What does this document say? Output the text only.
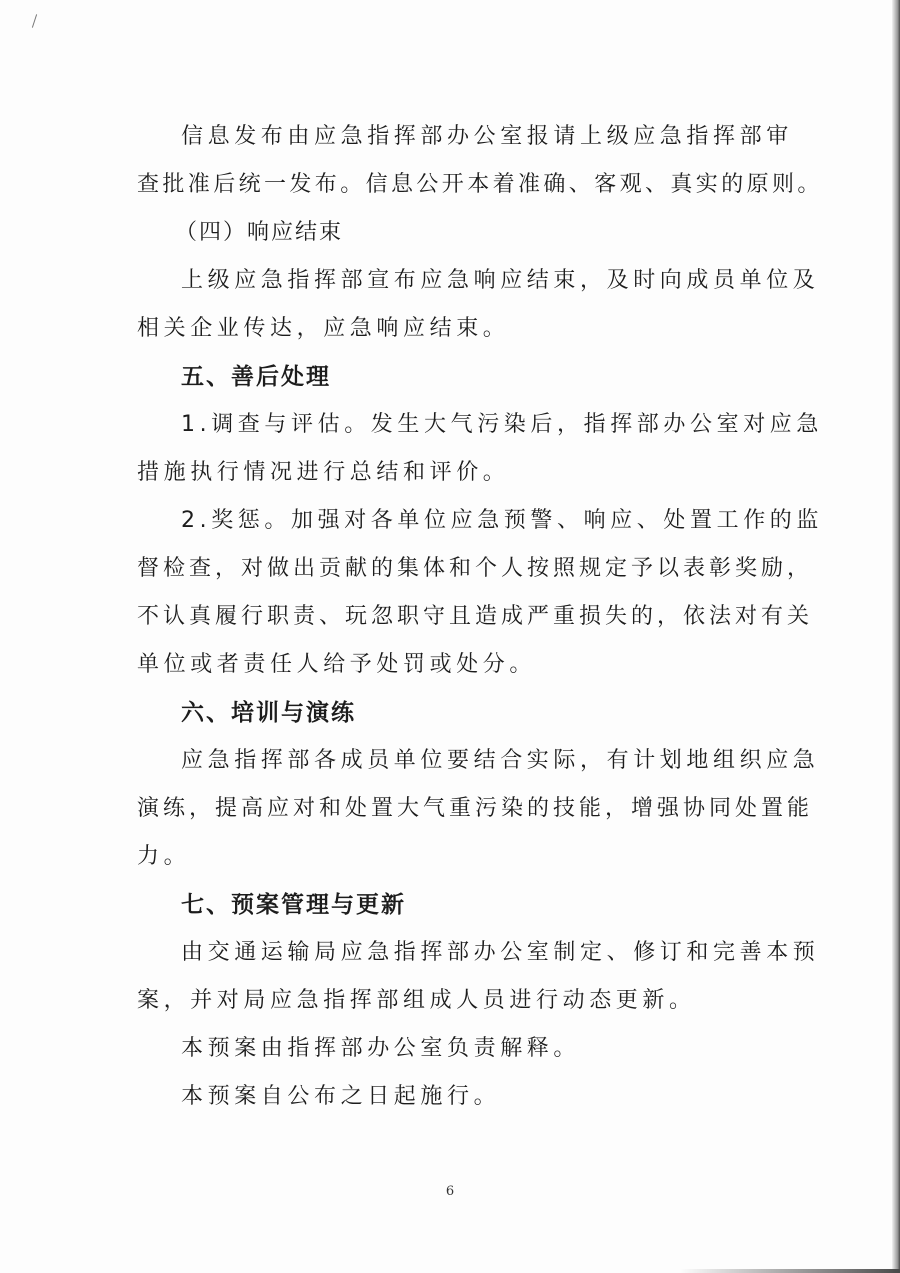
信息发布由应急指挥部办公室报请上级应急指挥部审
查批准后统一发布。信息公开本着准确、客观、真实的原则。
（四）响应结束
上级应急指挥部宣布应急响应结束，及时向成员单位及
相关企业传达，应急响应结束。
五、善后处理
1.调查与评估。发生大气污染后，指挥部办公室对应急
措施执行情况进行总结和评价。
2.奖惩。加强对各单位应急预警、响应、处置工作的监
督检查，对做出贡献的集体和个人按照规定予以表彰奖励，
不认真履行职责、玩忽职守且造成严重损失的，依法对有关
单位或者责任人给予处罚或处分。
六、培训与演练
应急指挥部各成员单位要结合实际，有计划地组织应急
演练，提高应对和处置大气重污染的技能，增强协同处置能
力。
七、预案管理与更新
由交通运输局应急指挥部办公室制定、修订和完善本预
案，并对局应急指挥部组成人员进行动态更新。
本预案由指挥部办公室负责解释。
本预案自公布之日起施行。
6
